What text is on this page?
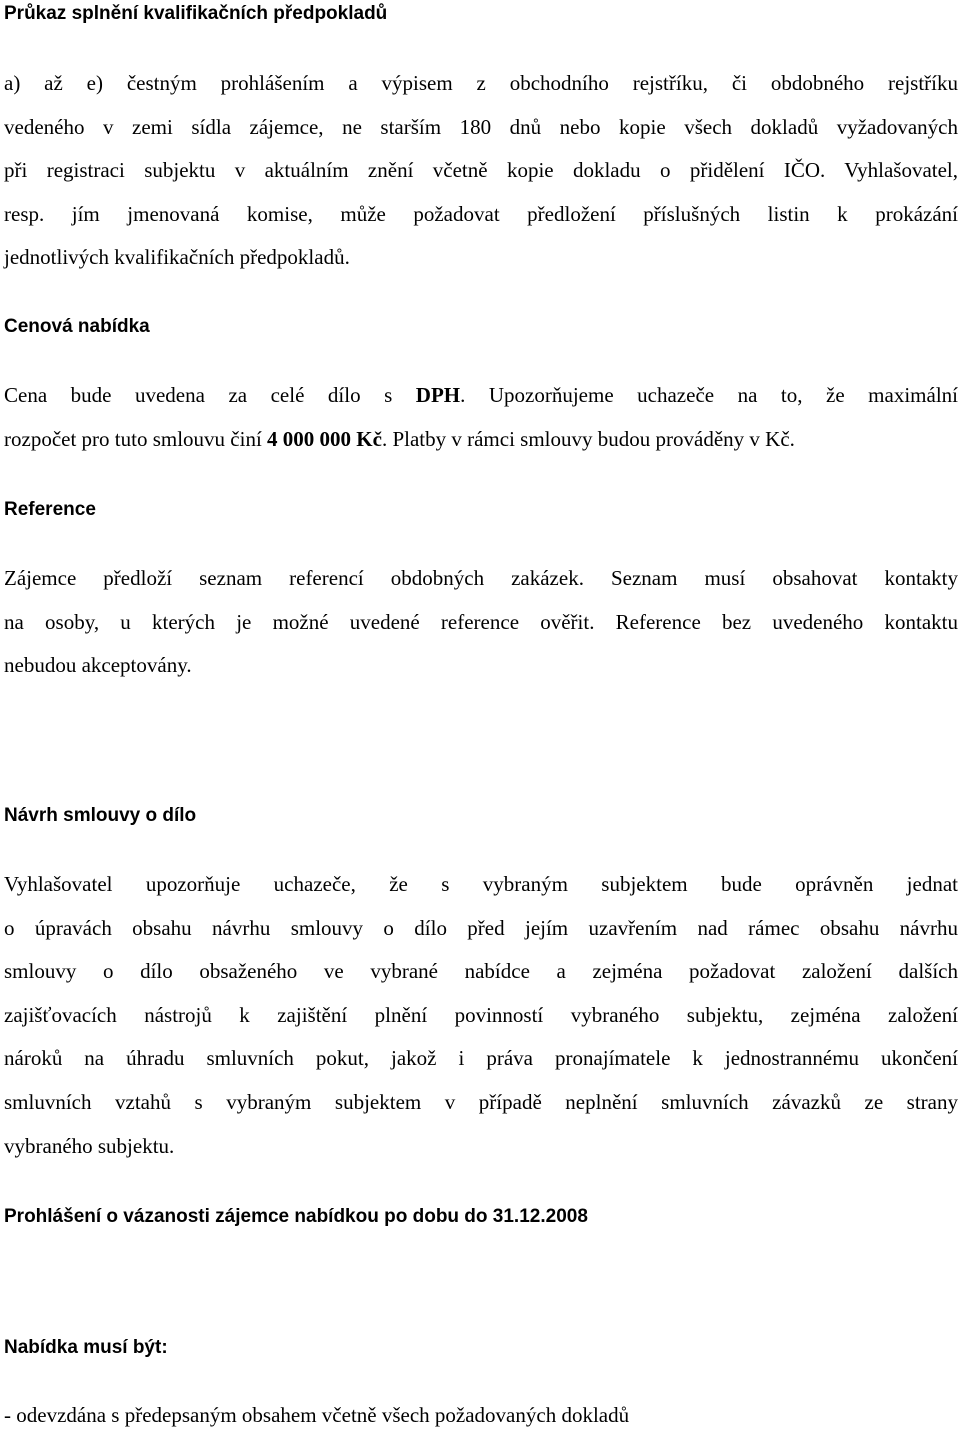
Průkaz splnění kvalifikačních předpokladů
a) až e) čestným prohlášením a výpisem z obchodního rejstříku, či obdobného rejstříku
vedeného v zemi sídla zájemce, ne starším 180 dnů nebo kopie všech dokladů vyžadovaných
při registraci subjektu v aktuálním znění včetně kopie dokladu o přidělení IČO. Vyhlašovatel,
resp. jím jmenovaná komise, může požadovat předložení příslušných listin k prokázání
jednotlivých kvalifikačních předpokladů.
Cenová nabídka
Cena bude uvedena za celé dílo s DPH. Upozorňujeme uchazeče na to, že maximální
rozpočet pro tuto smlouvu činí 4 000 000 Kč. Platby v rámci smlouvy budou prováděny v Kč.
Reference
Zájemce předloží seznam referencí obdobných zakázek. Seznam musí obsahovat kontakty
na osoby, u kterých je možné uvedené reference ověřit. Reference bez uvedeného kontaktu
nebudou akceptovány.
Návrh smlouvy o dílo
Vyhlašovatel upozorňuje uchazeče, že s vybraným subjektem bude oprávněn jednat
o úpravách obsahu návrhu smlouvy o dílo před jejím uzavřením nad rámec obsahu návrhu
smlouvy o dílo obsaženého ve vybrané nabídce a zejména požadovat založení dalších
zajišťovacích nástrojů k zajištění plnění povinností vybraného subjektu, zejména založení
nároků na úhradu smluvních pokut, jakož i práva pronajímatele k jednostrannému ukončení
smluvních vztahů s vybraným subjektem v případě neplnění smluvních závazků ze strany
vybraného subjektu.
Prohlášení o vázanosti zájemce nabídkou po dobu do 31.12.2008
Nabídka musí být:
- odevzdána s předepsaným obsahem včetně všech požadovaných dokladů
